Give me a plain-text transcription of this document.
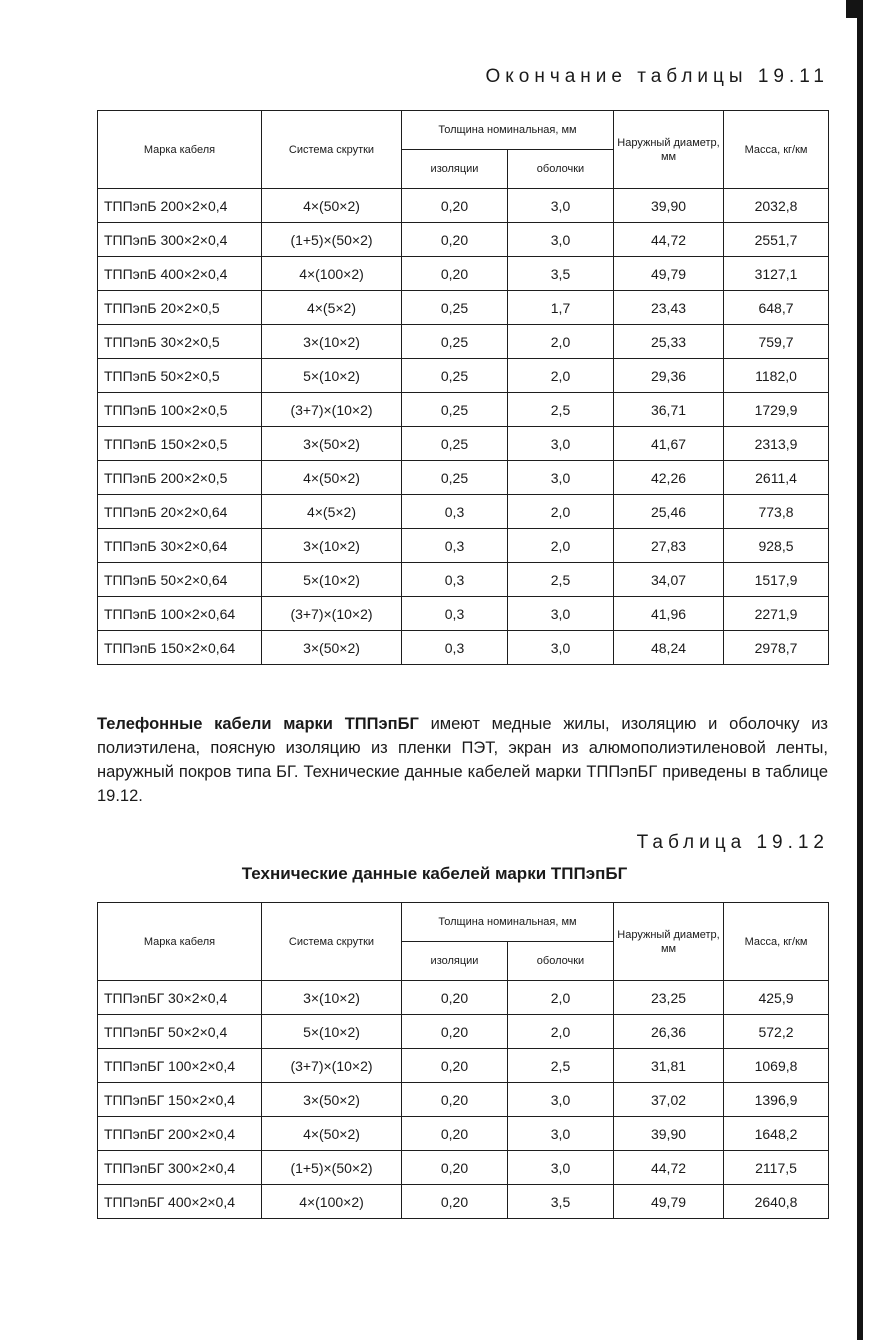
Окончание таблицы 19.11
Марка кабеля	Система скрутки	Толщина номинальная, мм		Наружный диаметр, мм	Масса, кг/км
		изоляции	оболочки		
ТППэпБ 200×2×0,4	4×(50×2)	0,20	3,0	39,90	2032,8
ТППэпБ 300×2×0,4	(1+5)×(50×2)	0,20	3,0	44,72	2551,7
ТППэпБ 400×2×0,4	4×(100×2)	0,20	3,5	49,79	3127,1
ТППэпБ 20×2×0,5	4×(5×2)	0,25	1,7	23,43	648,7
ТППэпБ 30×2×0,5	3×(10×2)	0,25	2,0	25,33	759,7
ТППэпБ 50×2×0,5	5×(10×2)	0,25	2,0	29,36	1182,0
ТППэпБ 100×2×0,5	(3+7)×(10×2)	0,25	2,5	36,71	1729,9
ТППэпБ 150×2×0,5	3×(50×2)	0,25	3,0	41,67	2313,9
ТППэпБ 200×2×0,5	4×(50×2)	0,25	3,0	42,26	2611,4
ТППэпБ 20×2×0,64	4×(5×2)	0,3	2,0	25,46	773,8
ТППэпБ 30×2×0,64	3×(10×2)	0,3	2,0	27,83	928,5
ТППэпБ 50×2×0,64	5×(10×2)	0,3	2,5	34,07	1517,9
ТППэпБ 100×2×0,64	(3+7)×(10×2)	0,3	3,0	41,96	2271,9
ТППэпБ 150×2×0,64	3×(50×2)	0,3	3,0	48,24	2978,7
Телефонные кабели марки ТППэпБГ имеют медные жилы, изоляцию и оболочку из полиэтилена, поясную изоляцию из пленки ПЭТ, экран из алюмополиэтиленовой ленты, наружный покров типа БГ. Технические данные кабелей марки ТППэпБГ приведены в таблице 19.12.
Таблица 19.12
Технические данные кабелей марки ТППэпБГ
Марка кабеля	Система скрутки	Толщина номинальная, мм		Наружный диаметр, мм	Масса, кг/км
		изоляции	оболочки		
ТППэпБГ 30×2×0,4	3×(10×2)	0,20	2,0	23,25	425,9
ТППэпБГ 50×2×0,4	5×(10×2)	0,20	2,0	26,36	572,2
ТППэпБГ 100×2×0,4	(3+7)×(10×2)	0,20	2,5	31,81	1069,8
ТППэпБГ 150×2×0,4	3×(50×2)	0,20	3,0	37,02	1396,9
ТППэпБГ 200×2×0,4	4×(50×2)	0,20	3,0	39,90	1648,2
ТППэпБГ 300×2×0,4	(1+5)×(50×2)	0,20	3,0	44,72	2117,5
ТППэпБГ 400×2×0,4	4×(100×2)	0,20	3,5	49,79	2640,8
